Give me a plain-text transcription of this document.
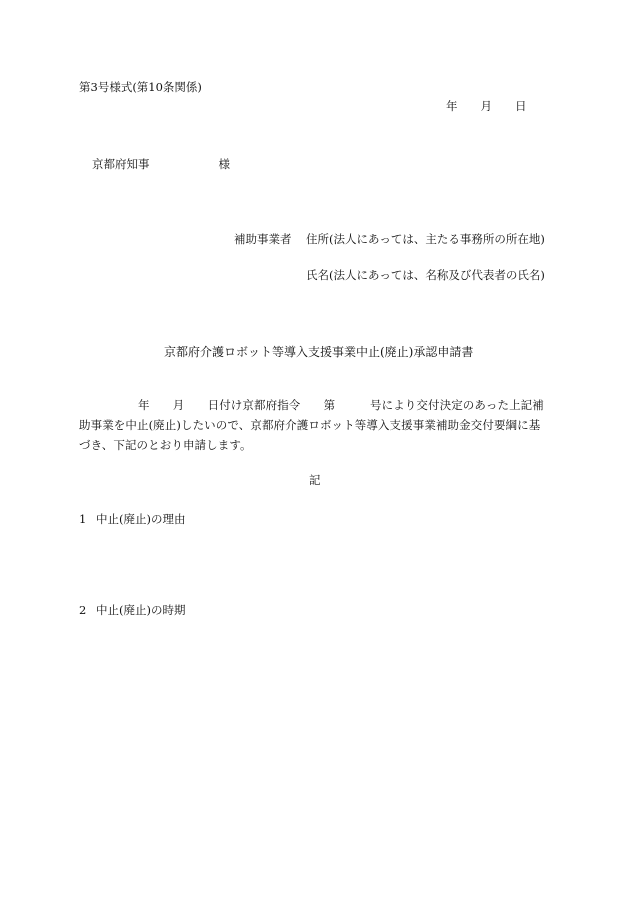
第3号様式(第10条関係)
年　　月　　日
京都府知事　　　　　　様
補助事業者 住所(法人にあっては、主たる事務所の所在地)
氏名(法人にあっては、名称及び代表者の氏名)
京都府介護ロボット等導入支援事業中止(廃止)承認申請書
年　　月　　日付け京都府指令　　第　　　号により交付決定のあった上記補
助事業を中止(廃止)したいので、京都府介護ロボット等導入支援事業補助金交付要綱に基
づき、下記のとおり申請します。
記
1 中止(廃止)の理由
2 中止(廃止)の時期
